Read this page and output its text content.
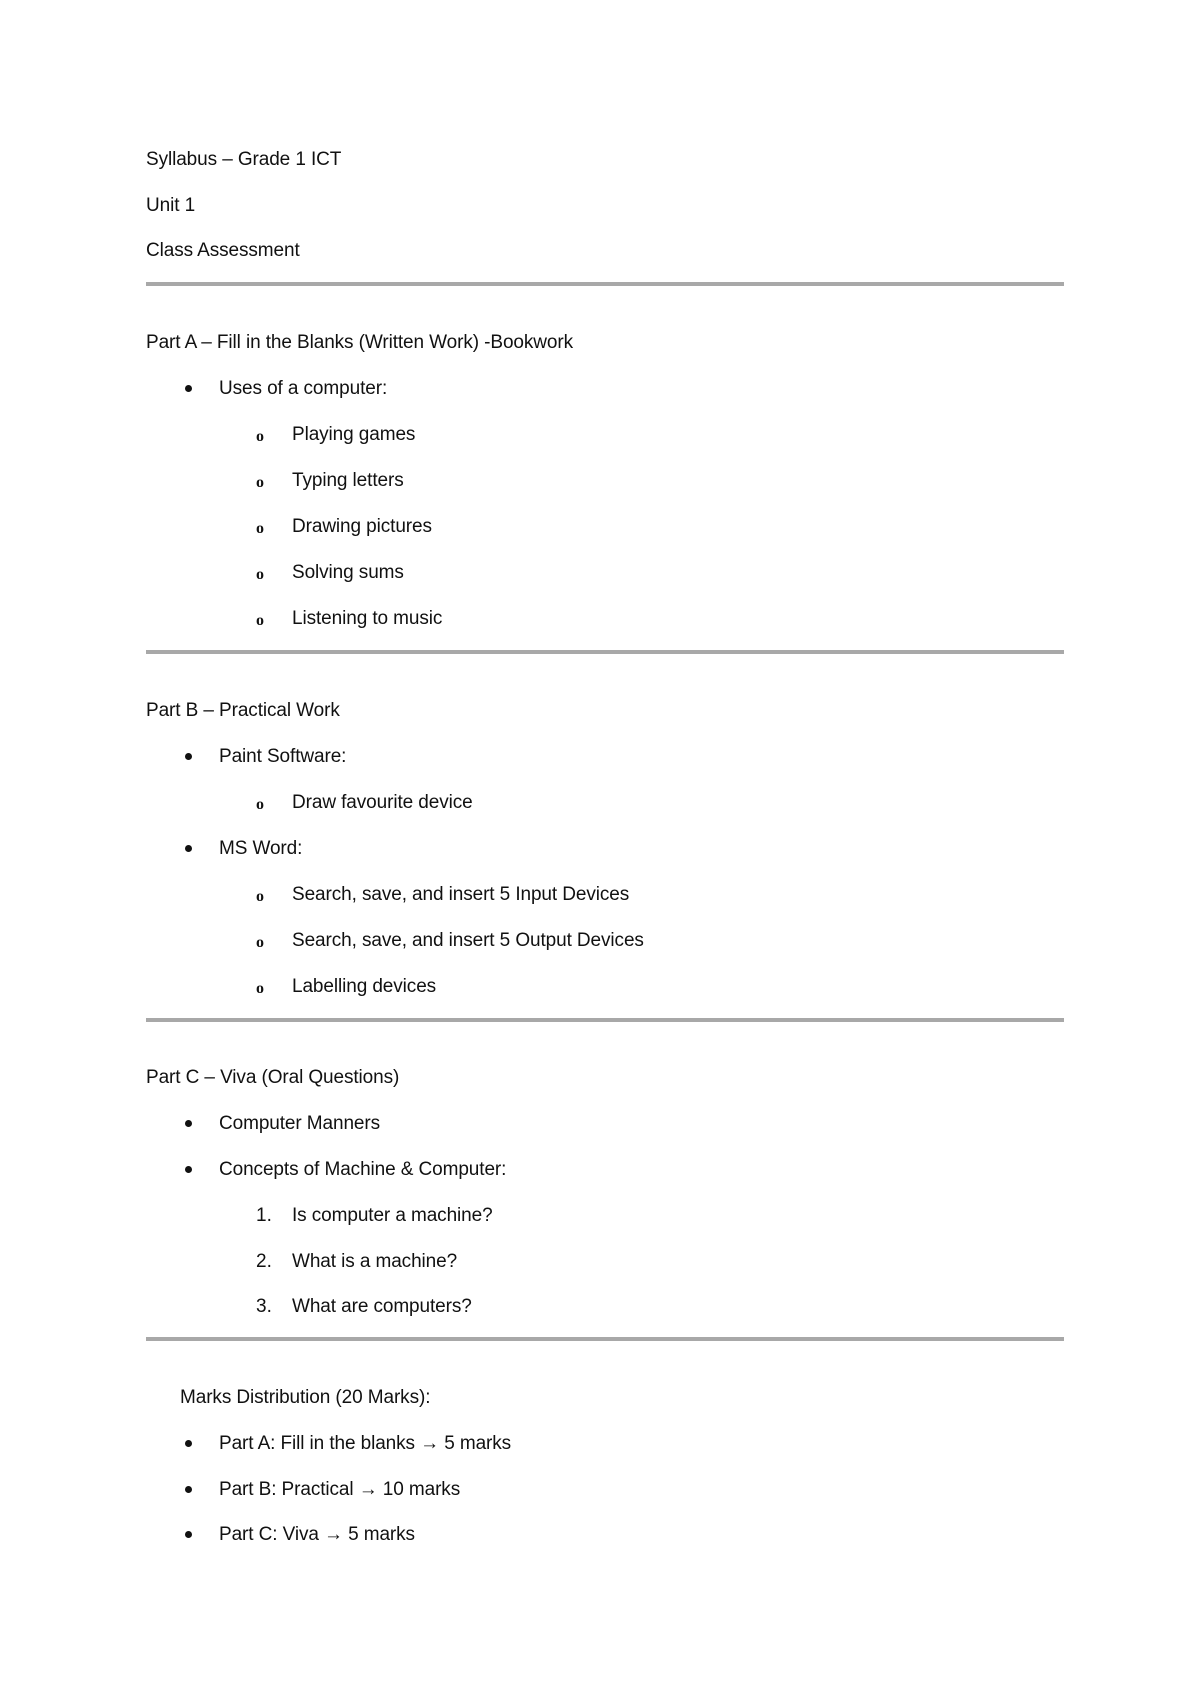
Syllabus – Grade 1 ICT
Unit 1
Class Assessment
Part A – Fill in the Blanks (Written Work) -Bookwork
Uses of a computer:
o Playing games
o Typing letters
o Drawing pictures
o Solving sums
o Listening to music
Part B – Practical Work
Paint Software:
o Draw favourite device
MS Word:
o Search, save, and insert 5 Input Devices
o Search, save, and insert 5 Output Devices
o Labelling devices
Part C – Viva (Oral Questions)
Computer Manners
Concepts of Machine & Computer:
1. Is computer a machine?
2. What is a machine?
3. What are computers?
Marks Distribution (20 Marks):
Part A: Fill in the blanks → 5 marks
Part B: Practical → 10 marks
Part C: Viva → 5 marks
